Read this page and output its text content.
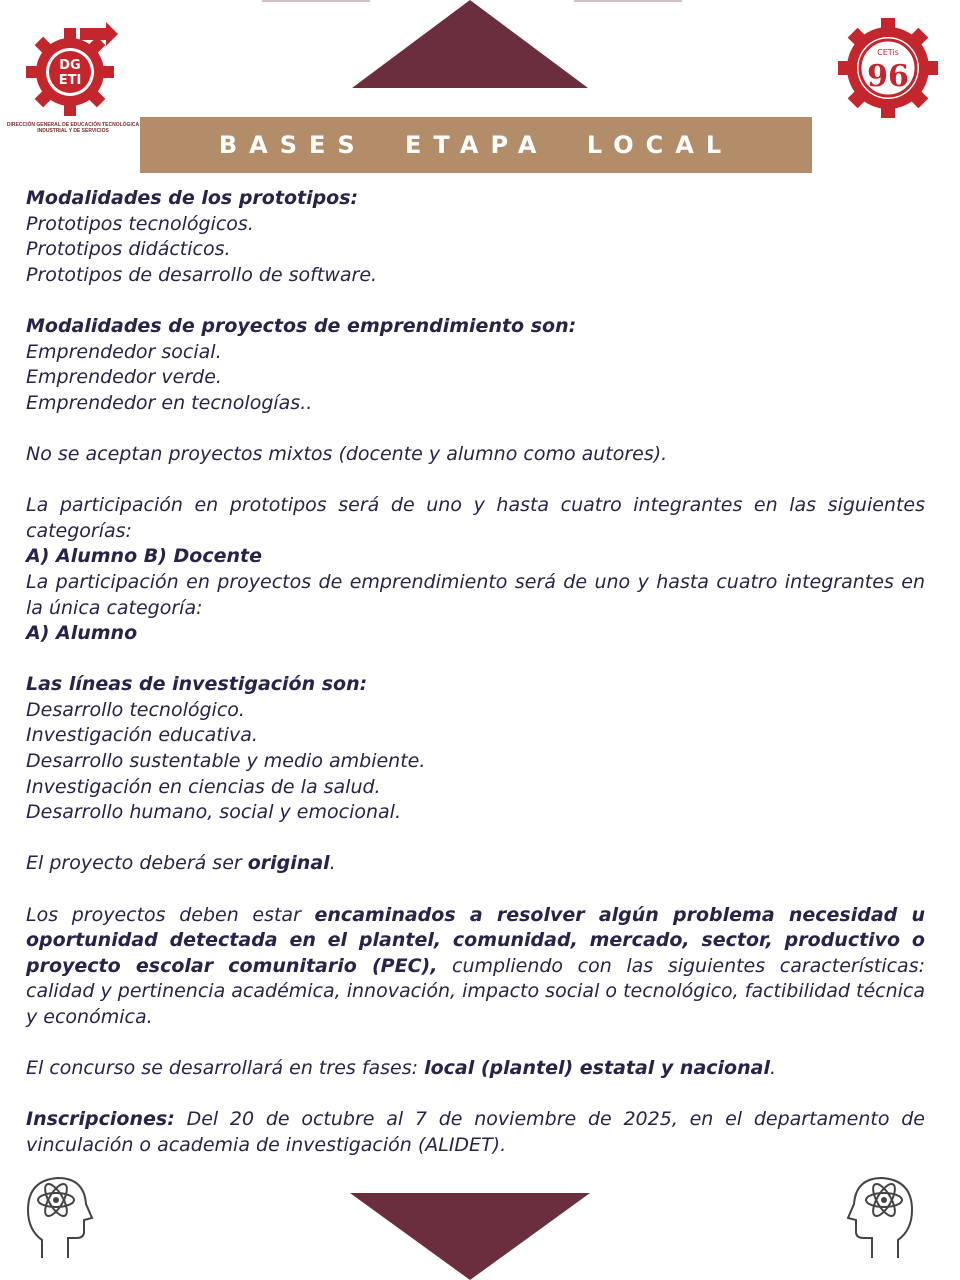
DG
ETI
DIRECCIÓN GENERAL DE EDUCACIÓN TECNOLÓGICA INDUSTRIAL Y DE SERVICIOS
CETis
96
BASES ETAPA LOCAL

Modalidades de los prototipos:

Prototipos tecnológicos.

Prototipos didácticos.

Prototipos de desarrollo de software.

Modalidades de proyectos de emprendimiento son:

Emprendedor social.

Emprendedor verde.

Emprendedor en tecnologías..

No se aceptan proyectos mixtos (docente y alumno como autores).

La participación en prototipos será de uno y hasta cuatro integrantes en las siguientes categorías:

A) Alumno B) Docente

La participación en proyectos de emprendimiento será de uno y hasta cuatro integrantes en la única categoría:

A) Alumno

Las líneas de investigación son:

Desarrollo tecnológico.

Investigación educativa.

Desarrollo sustentable y medio ambiente.

Investigación en ciencias de la salud.

Desarrollo humano, social y emocional.

El proyecto deberá ser original.

Los proyectos deben estar encaminados a resolver algún problema necesidad u oportunidad detectada en el plantel, comunidad, mercado, sector, productivo o proyecto escolar comunitario (PEC), cumpliendo con las siguientes características: calidad y pertinencia académica, innovación, impacto social o tecnológico, factibilidad técnica y económica.

El concurso se desarrollará en tres fases: local (plantel) estatal y nacional.

Inscripciones: Del 20 de octubre al 7 de noviembre de 2025, en el departamento de vinculación o academia de investigación (ALIDET).
